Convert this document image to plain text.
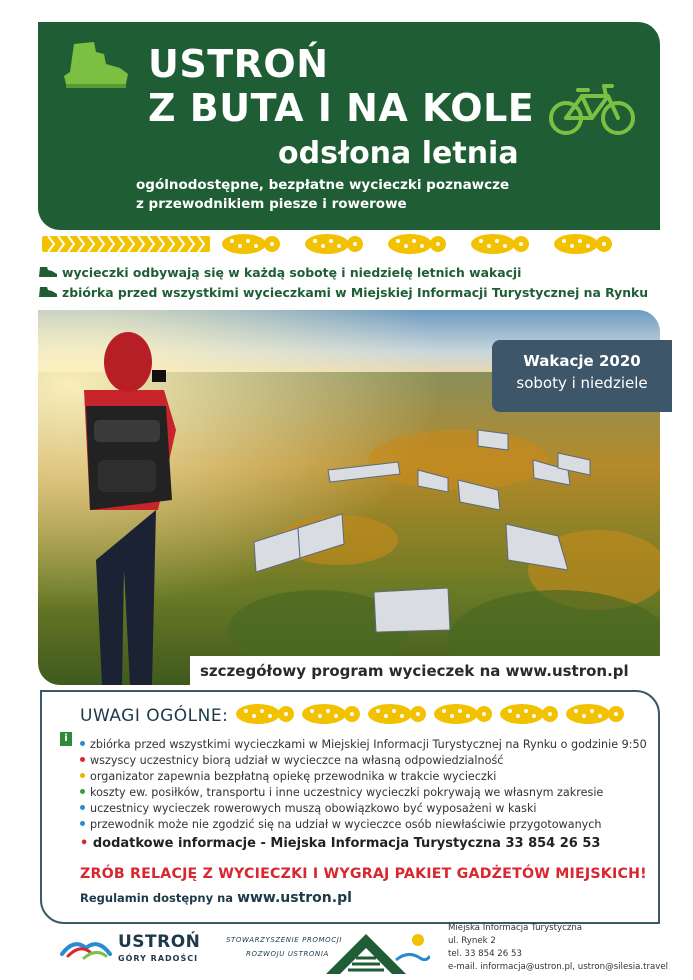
USTROŃ
Z BUTA I NA KOLE
odsłona letnia
ogólnodostępne, bezpłatne wycieczki poznawcze
z przewodnikiem piesze i rowerowe
wycieczki odbywają się w każdą sobotę i niedzielę letnich wakacji
zbiórka przed wszystkimi wycieczkami w Miejskiej Informacji Turystycznej na Rynku
Wakacje 2020
soboty i niedziele
szczegółowy program wycieczek na www.ustron.pl
UWAGI OGÓLNE:
i	zbiórka przed wszystkimi wycieczkami w Miejskiej Informacji Turystycznej na Rynku o godzinie 9:50
wszyscy uczestnicy biorą udział w wycieczce na własną odpowiedzialność
organizator zapewnia bezpłatną opiekę przewodnika w trakcie wycieczki
koszty ew. posiłków, transportu i inne uczestnicy wycieczki pokrywają we własnym zakresie
uczestnicy wycieczek rowerowych muszą obowiązkowo być wyposażeni w kaski
przewodnik może nie zgodzić się na udział w wycieczce osób niewłaściwie przygotowanych
• dodatkowe informacje - Miejska Informacja Turystyczna 33 854 26 53
ZRÓB RELACJĘ Z WYCIECZKI I WYGRAJ PAKIET GADŻETÓW MIEJSKICH!
Regulamin dostępny na www.ustron.pl
USTROŃ
GÓRY RADOŚCI
STOWARZYSZENIE PROMOCJI
ROZWOJU USTRONIA
Miejska Informacja Turystyczna
ul. Rynek 2
tel. 33 854 26 53
e-mail. informacja@ustron.pl, ustron@silesia.travel
